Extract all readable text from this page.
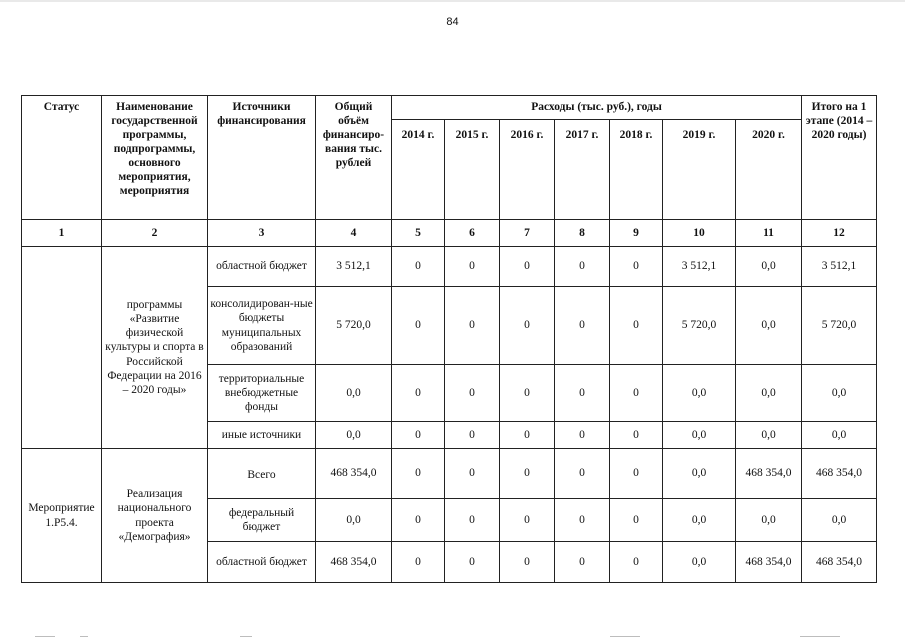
84
Статус	Наименование государственной программы, подпрограммы, основного мероприятия, мероприятия	Источники финансирования	Общий объём финансиро-вания тыс. рублей	Расходы (тыс. руб.), годы							Итого на 1 этапе (2014 – 2020 годы)
				2014 г.	2015 г.	2016 г.	2017 г.	2018 г.	2019 г.	2020 г.	
1	2	3	4	5	6	7	8	9	10	11	12
	программы «Развитие физической культуры и спорта в Российской Федерации на 2016 – 2020 годы»	областной бюджет	3 512,1	0	0	0	0	0	3 512,1	0,0	3 512,1
		консолидирован-ные бюджеты муниципальных образований	5 720,0	0	0	0	0	0	5 720,0	0,0	5 720,0
		территориальные внебюджетные фонды	0,0	0	0	0	0	0	0,0	0,0	0,0
		иные источники	0,0	0	0	0	0	0	0,0	0,0	0,0
Мероприятие 1.P5.4.	Реализация национального проекта «Демография»	Всего	468 354,0	0	0	0	0	0	0,0	468 354,0	468 354,0
		федеральный бюджет	0,0	0	0	0	0	0	0,0	0,0	0,0
		областной бюджет	468 354,0	0	0	0	0	0	0,0	468 354,0	468 354,0
